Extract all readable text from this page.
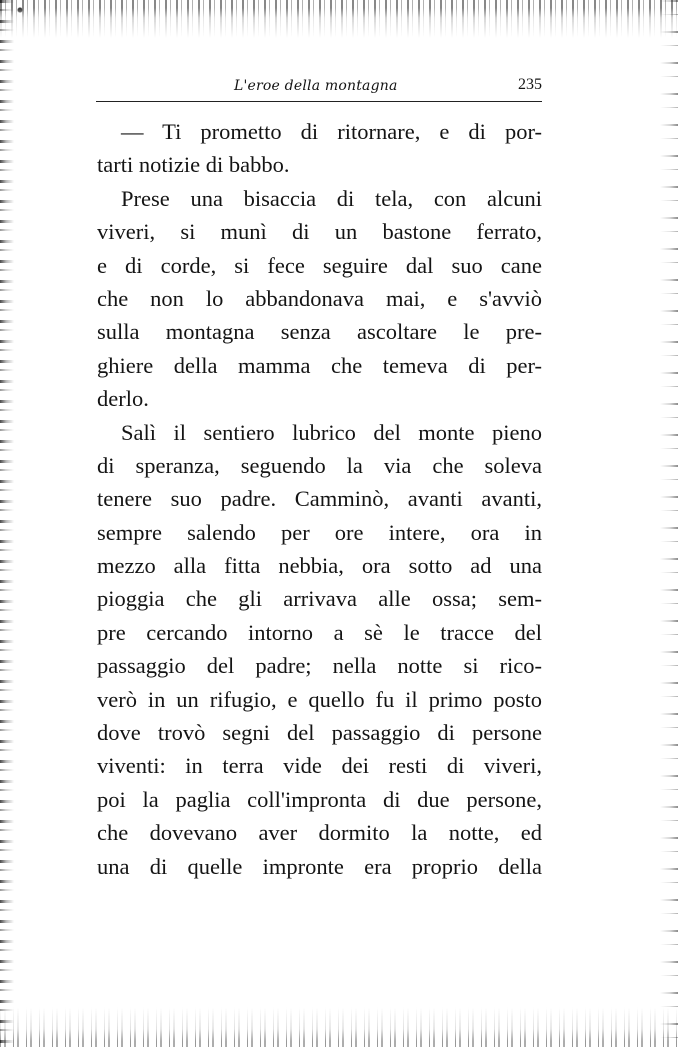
L'eroe della montagna	235
— Ti prometto di ritornare, e di por-
tarti notizie di babbo.
Prese una bisaccia di tela, con alcuni
viveri, si munì di un bastone ferrato,
e di corde, si fece seguire dal suo cane
che non lo abbandonava mai, e s'avviò
sulla montagna senza ascoltare le pre-
ghiere della mamma che temeva di per-
derlo.
Salì il sentiero lubrico del monte pieno
di speranza, seguendo la via che soleva
tenere suo padre. Camminò, avanti avanti,
sempre salendo per ore intere, ora in
mezzo alla fitta nebbia, ora sotto ad una
pioggia che gli arrivava alle ossa; sem-
pre cercando intorno a sè le tracce del
passaggio del padre; nella notte si rico-
verò in un rifugio, e quello fu il primo posto
dove trovò segni del passaggio di persone
viventi: in terra vide dei resti di viveri,
poi la paglia coll'impronta di due persone,
che dovevano aver dormito la notte, ed
una di quelle impronte era proprio della
